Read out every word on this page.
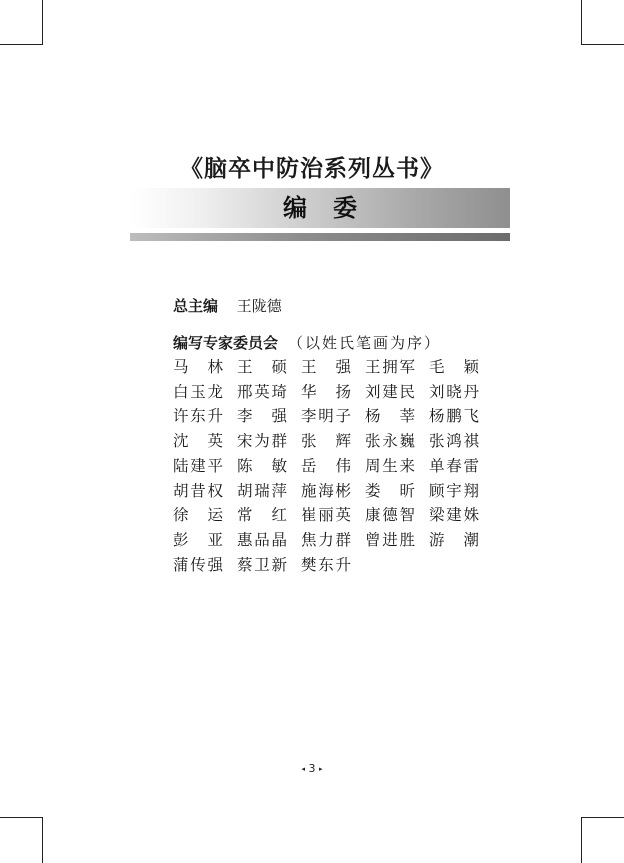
《脑卒中防治系列丛书》
编委
总主编 王陇德
编写专家委员会 （以姓氏笔画为序）
马 林 王 硕 王 强 王 拥 军 毛 颖
白 玉 龙 邢 英 琦 华 扬 刘 建 民 刘 晓 丹
许 东 升 李 强 李 明 子 杨 莘 杨 鹏 飞
沈 英 宋 为 群 张 辉 张 永 巍 张 鸿 祺
陆 建 平 陈 敏 岳 伟 周 生 来 单 春 雷
胡 昔 权 胡 瑞 萍 施 海 彬 娄 昕 顾 宇 翔
徐 运 常 红 崔 丽 英 康 德 智 梁 建 姝
彭 亚 惠 品 晶 焦 力 群 曾 进 胜 游 潮
蒲 传 强 蔡 卫 新 樊 东 升
◂ 3 ▸
